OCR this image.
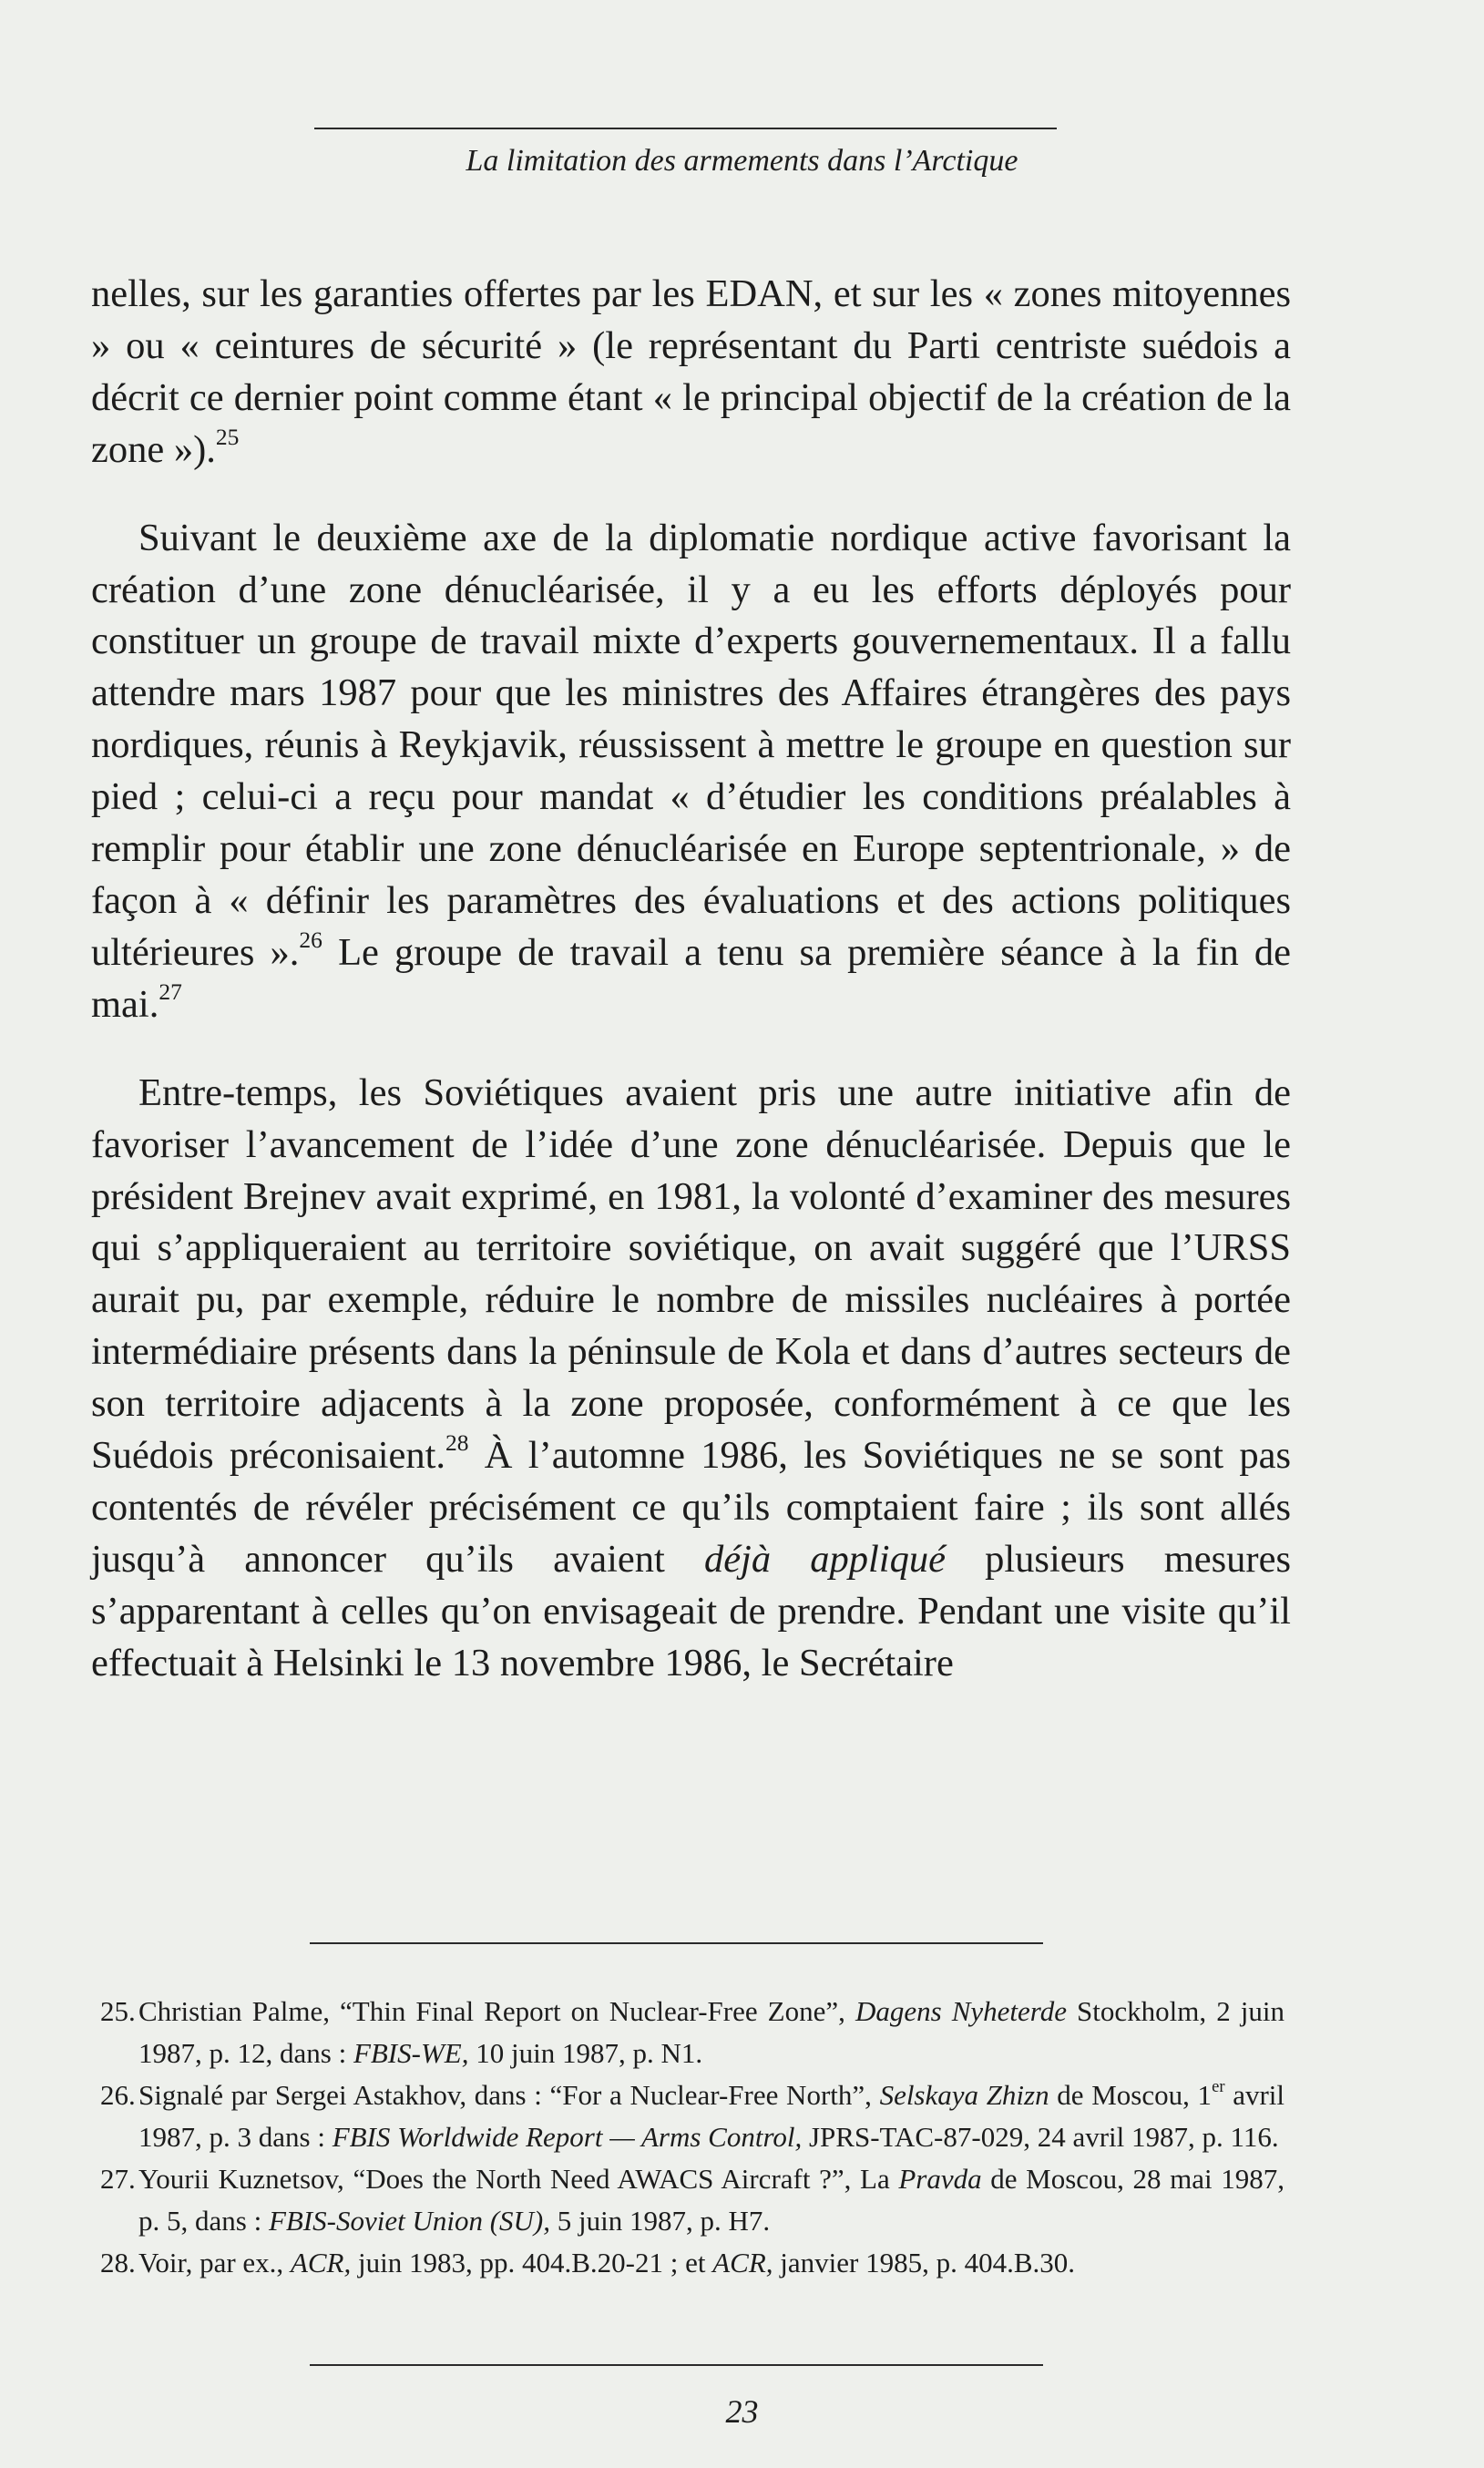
La limitation des armements dans l’Arctique

nelles, sur les garanties offertes par les EDAN, et sur les « zones mitoyennes » ou « ceintures de sécurité » (le représentant du Parti centriste suédois a décrit ce dernier point comme étant « le principal objectif de la création de la zone »).$^{25}$

Suivant le deuxième axe de la diplomatie nordique active favorisant la création d’une zone dénucléarisée, il y a eu les efforts déployés pour constituer un groupe de travail mixte d’experts gouvernementaux. Il a fallu attendre mars 1987 pour que les ministres des Affaires étrangères des pays nordiques, réunis à Reykjavik, réussissent à mettre le groupe en question sur pied ; celui-ci a reçu pour mandat « d’étudier les conditions préalables à remplir pour établir une zone dénucléarisée en Europe septentrionale, » de façon à « définir les paramètres des évaluations et des actions politiques ultérieures ».$^{26}$ Le groupe de travail a tenu sa première séance à la fin de mai.$^{27}$

Entre-temps, les Soviétiques avaient pris une autre initiative afin de favoriser l’avancement de l’idée d’une zone dénucléarisée. Depuis que le président Brejnev avait exprimé, en 1981, la volonté d’examiner des mesures qui s’appliqueraient au territoire soviétique, on avait suggéré que l’URSS aurait pu, par exemple, réduire le nombre de missiles nucléaires à portée intermédiaire présents dans la péninsule de Kola et dans d’autres secteurs de son territoire adjacents à la zone proposée, conformément à ce que les Suédois préconisaient.$^{28}$ À l’automne 1986, les Soviétiques ne se sont pas contentés de révéler précisément ce qu’ils comptaient faire ; ils sont allés jusqu’à annoncer qu’ils avaient déjà appliqué plusieurs mesures s’apparentant à celles qu’on envisageait de prendre. Pendant une visite qu’il effectuait à Helsinki le 13 novembre 1986, le Secrétaire

25. Christian Palme, “Thin Final Report on Nuclear-Free Zone”, Dagens Nyheterde Stockholm, 2 juin 1987, p. 12, dans : FBIS-WE, 10 juin 1987, p. N1.
26. Signalé par Sergei Astakhov, dans : “For a Nuclear-Free North”, Selskaya Zhizn de Moscou, 1er avril 1987, p. 3 dans : FBIS Worldwide Report — Arms Control, JPRS-TAC-87-029, 24 avril 1987, p. 116.
27. Yourii Kuznetsov, “Does the North Need AWACS Aircraft ?”, La Pravda de Moscou, 28 mai 1987, p. 5, dans : FBIS-Soviet Union (SU), 5 juin 1987, p. H7.
28. Voir, par ex., ACR, juin 1983, pp. 404.B.20-21 ; et ACR, janvier 1985, p. 404.B.30.
23
